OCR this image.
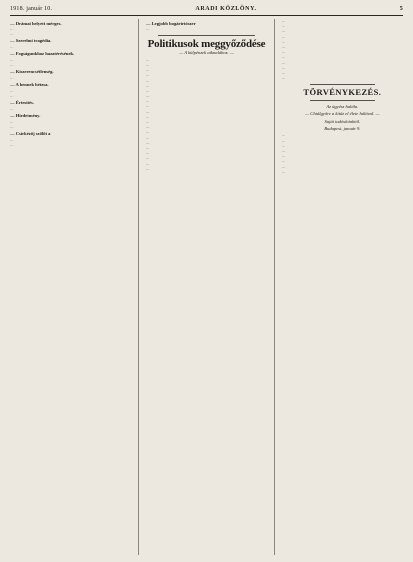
1918. január 10.	ARADI KÖZLÖNY.	5
— Drámai helyett mérges.

…

…

— Szerelmi tragédia.

…

— Fogságunkhoz hazatérésének.

…

…

— Kiszerencsétlenség.

…

— A bennek hétzsa.

…

…

— Értesítés.

…

— Hirdetmény.

…

…

— Csirkézőj szőlőt a

…

…

— Legjobb bogárirtószer

…

Politikusok meggyőződése
— A külpénzek aiknalához. —

…

…

…

…

…

…

…

…

…

…

…

…

…

…

…

…

…

…

…

…

…

…

…

…

…

…

…

…

…

…

…

…

…

…

TÖRVÉNYKEZÉS.
Az ügyész halála.
— Chtálgyőre a kitűz el élete hálával. —
Saját tudósítónktól.
Budapest, január 9.

…

…

…

…

…

…

…

…
